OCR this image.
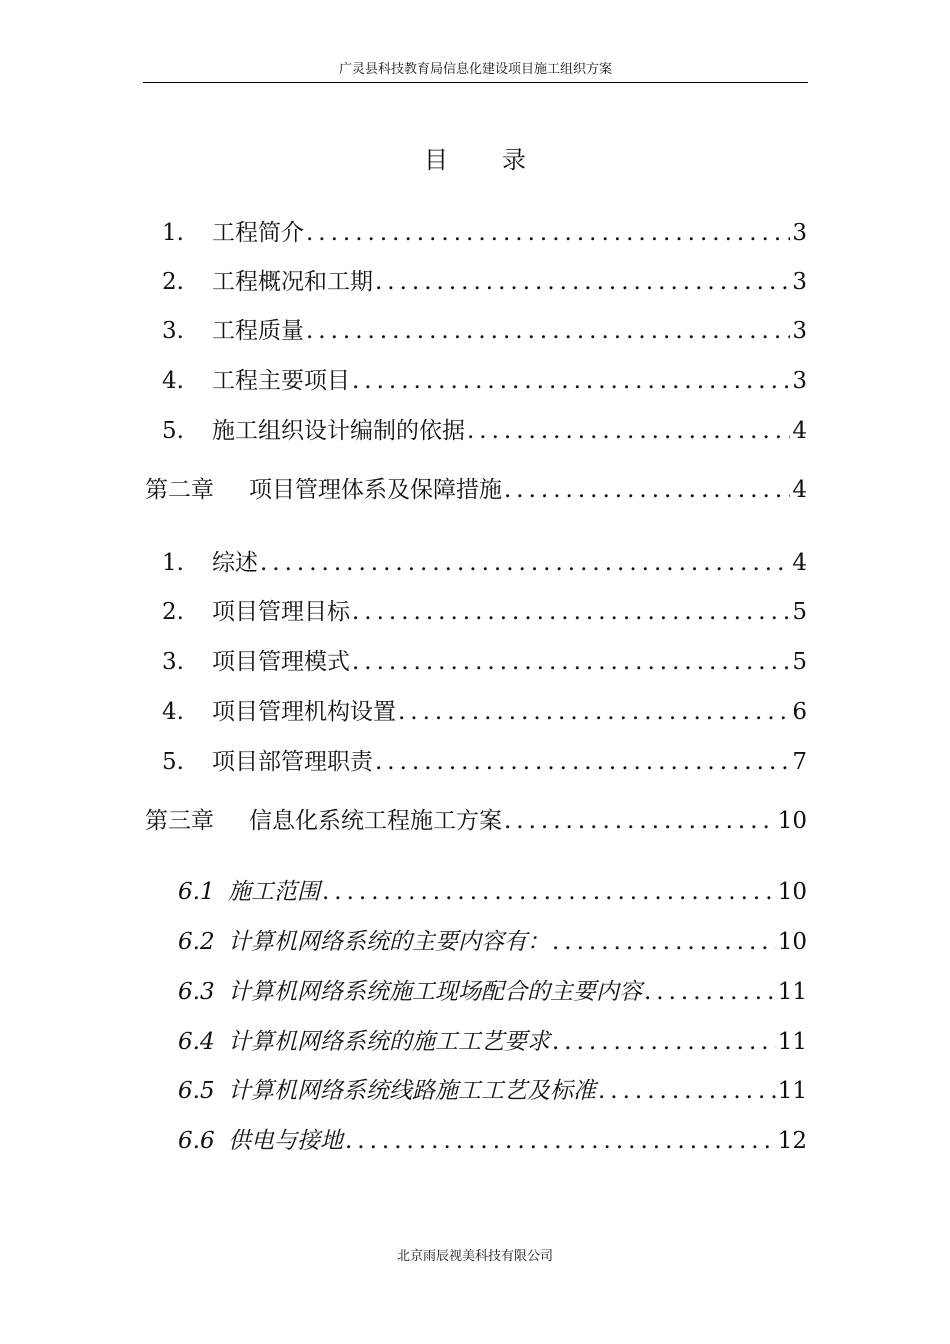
广灵县科技教育局信息化建设项目施工组织方案
目 录
1.	工程简介 .....	3
2.	工程概况和工期 .....	3
3.	工程质量 .....	3
4.	工程主要项目 .....	3
5.	施工组织设计编制的依据 .....	4
第二章	项目管理体系及保障措施 .....	4
1.	综述 .....	4
2.	项目管理目标 .....	5
3.	项目管理模式 .....	5
4.	项目管理机构设置 .....	6
5.	项目部管理职责 .....	7
第三章	信息化系统工程施工方案 .....	10
6.1 施工范围 .....	10
6.2 计算机网络系统的主要内容有： .....	10
6.3 计算机网络系统施工现场配合的主要内容 .....	11
6.4 计算机网络系统的施工工艺要求 .....	11
6.5 计算机网络系统线路施工工艺及标准 .....	11
6.6 供电与接地 .....	12
北京雨辰视美科技有限公司
